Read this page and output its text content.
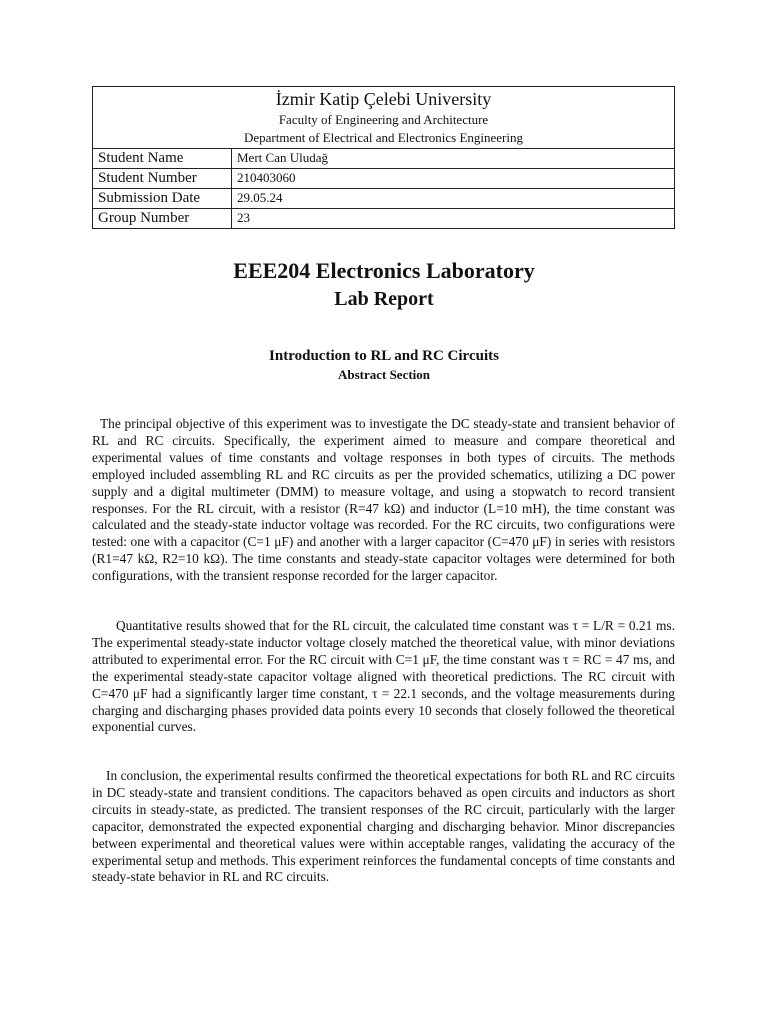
İzmir Katip Çelebi University
Faculty of Engineering and Architecture
Department of Electrical and Electronics Engineering	

Student Name	Mert Can Uludağ
Student Number	210403060
Submission Date	29.05.24
Group Number	23
EEE204 Electronics Laboratory
Lab Report
Introduction to RL and RC Circuits
Abstract Section

The principal objective of this experiment was to investigate the DC steady-state and transient behavior of RL and RC circuits. Specifically, the experiment aimed to measure and compare theoretical and experimental values of time constants and voltage responses in both types of circuits. The methods employed included assembling RL and RC circuits as per the provided schematics, utilizing a DC power supply and a digital multimeter (DMM) to measure voltage, and using a stopwatch to record transient responses. For the RL circuit, with a resistor (R=47 kΩ) and inductor (L=10 mH), the time constant was calculated and the steady-state inductor voltage was recorded. For the RC circuits, two configurations were tested: one with a capacitor (C=1 μF) and another with a larger capacitor (C=470 μF) in series with resistors (R1=47 kΩ, R2=10 kΩ). The time constants and steady-state capacitor voltages were determined for both configurations, with the transient response recorded for the larger capacitor.

Quantitative results showed that for the RL circuit, the calculated time constant was τ = L/R = 0.21 ms. The experimental steady-state inductor voltage closely matched the theoretical value, with minor deviations attributed to experimental error. For the RC circuit with C=1 μF, the time constant was τ = RC = 47 ms, and the experimental steady-state capacitor voltage aligned with theoretical predictions. The RC circuit with C=470 μF had a significantly larger time constant, τ = 22.1 seconds, and the voltage measurements during charging and discharging phases provided data points every 10 seconds that closely followed the theoretical exponential curves.

In conclusion, the experimental results confirmed the theoretical expectations for both RL and RC circuits in DC steady-state and transient conditions. The capacitors behaved as open circuits and inductors as short circuits in steady-state, as predicted. The transient responses of the RC circuit, particularly with the larger capacitor, demonstrated the expected exponential charging and discharging behavior. Minor discrepancies between experimental and theoretical values were within acceptable ranges, validating the accuracy of the experimental setup and methods. This experiment reinforces the fundamental concepts of time constants and steady-state behavior in RL and RC circuits.
